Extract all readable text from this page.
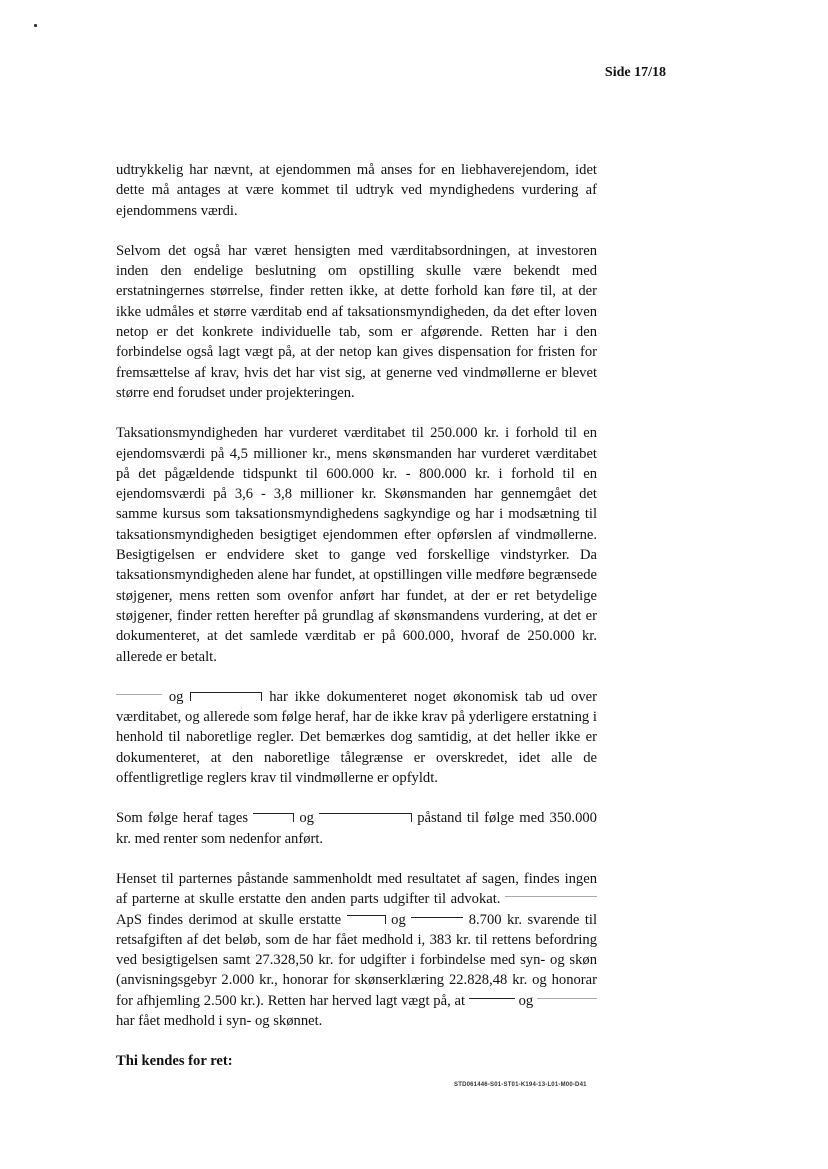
Side 17/18

udtrykkelig har nævnt, at ejendommen må anses for en liebhaverejendom, idet dette må antages at være kommet til udtryk ved myndighedens vurdering af ejendommens værdi.

Selvom det også har været hensigten med værditabsordningen, at investoren inden den endelige beslutning om opstilling skulle være bekendt med erstatningernes størrelse, finder retten ikke, at dette forhold kan føre til, at der ikke udmåles et større værditab end af taksationsmyndigheden, da det efter loven netop er det konkrete individuelle tab, som er afgørende. Retten har i den forbindelse også lagt vægt på, at der netop kan gives dispensation for fristen for fremsættelse af krav, hvis det har vist sig, at generne ved vindmøllerne er blevet større end forudset under projekteringen.

Taksationsmyndigheden har vurderet værditabet til 250.000 kr. i forhold til en ejendomsværdi på 4,5 millioner kr., mens skønsmanden har vurderet værditabet på det pågældende tidspunkt til 600.000 kr. - 800.000 kr. i forhold til en ejendomsværdi på 3,6 - 3,8 millioner kr. Skønsmanden har gennemgået det samme kursus som taksationsmyndighedens sagkyndige og har i modsætning til taksationsmyndigheden besigtiget ejendommen efter opførslen af vindmøllerne. Besigtigelsen er endvidere sket to gange ved forskellige vindstyrker. Da taksationsmyndigheden alene har fundet, at opstillingen ville medføre begrænsede støjgener, mens retten som ovenfor anført har fundet, at der er ret betydelige støjgener, finder retten herefter på grundlag af skønsmandens vurdering, at det er dokumenteret, at det samlede værditab er på 600.000, hvoraf de 250.000 kr. allerede er betalt.

og	har ikke dokumenteret noget økonomisk tab ud over værditabet, og allerede som følge heraf, har de ikke krav på yderligere erstatning i henhold til naboretlige regler. Det bemærkes dog samtidig, at det heller ikke er dokumenteret, at den naboretlige tålegrænse er overskredet, idet alle de offentligretlige reglers krav til vindmøllerne er opfyldt.

Som følge heraf tages	og	påstand til følge med 350.000 kr. med renter som nedenfor anført.

Henset til parternes påstande sammenholdt med resultatet af sagen, findes ingen af parterne at skulle erstatte den anden parts udgifter til advokat.  ApS findes derimod at skulle erstatte	og	8.700 kr. svarende til retsafgiften af det beløb, som de har fået medhold i, 383 kr. til rettens befordring ved besigtigelsen samt 27.328,50 kr. for udgifter i forbindelse med syn- og skøn (anvisningsgebyr 2.000 kr., honorar for skønserklæring 22.828,48 kr. og honorar for afhjemling 2.500 kr.). Retten har herved lagt vægt på, at	og  har fået medhold i syn- og skønnet.

Thi kendes for ret:

STD061446-S01-ST01-K194-13-L01-M00-D41
